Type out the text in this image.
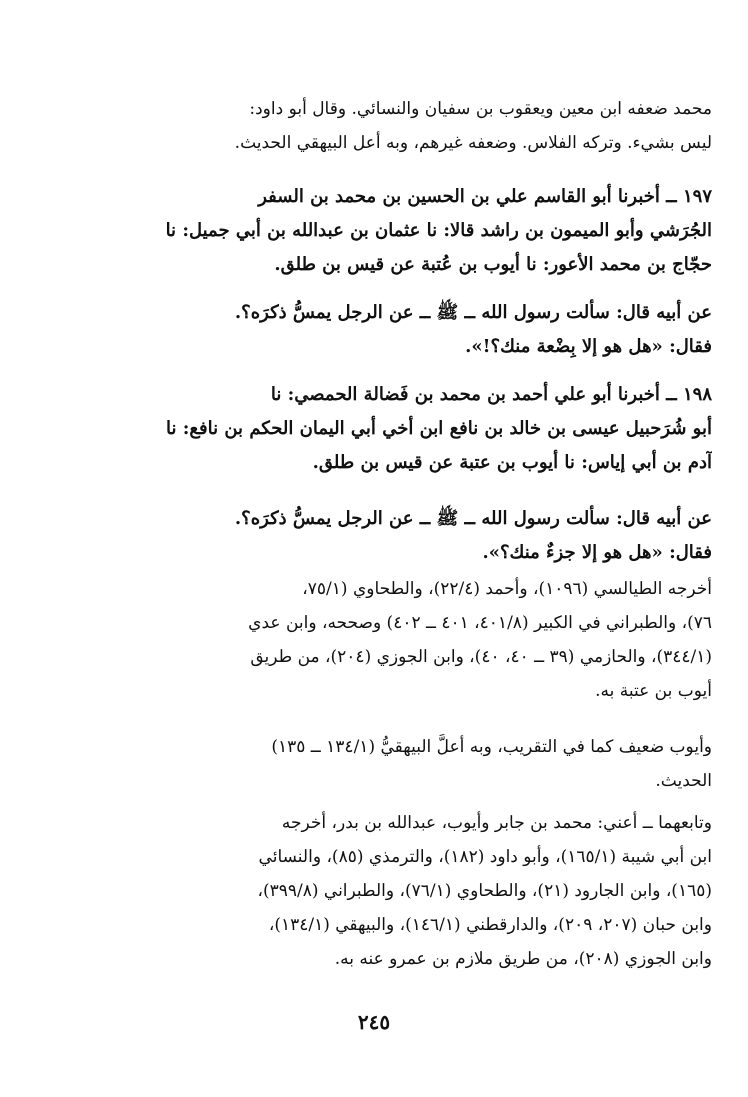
محمد ضعفه ابن معين ويعقوب بن سفيان والنسائي. وقال أبو داود:
ليس بشيء. وتركه الفلاس. وضعفه غيرهم، وبه أعل البيهقي الحديث.
١٩٧ ــ أخبرنا أبو القاسم علي بن الحسين بن محمد بن السفر
الجُرَشي وأبو الميمون بن راشد قالا: نا عثمان بن عبدالله بن أبي جميل: نا
حجّاج بن محمد الأعور: نا أيوب بن عُتبة عن قيس بن طلق.
عن أبيه قال: سألت رسول الله ــ ﷺ ــ عن الرجل يمسُّ ذكرَه؟.
فقال: «هل هو إلا بِضْعة منك؟!».
١٩٨ ــ أخبرنا أبو علي أحمد بن محمد بن فَضالة الحمصي: نا
أبو شُرَحبيل عيسى بن خالد بن نافع ابن أخي أبي اليمان الحكم بن نافع: نا
آدم بن أبي إياس: نا أيوب بن عتبة عن قيس بن طلق.
عن أبيه قال: سألت رسول الله ــ ﷺ ــ عن الرجل يمسُّ ذكرَه؟.
فقال: «هل هو إلا جزءٌ منك؟».
أخرجه الطيالسي (١٠٩٦)، وأحمد (٢٢/٤)، والطحاوي (٧٥/١،
٧٦)، والطبراني في الكبير (٤٠١/٨، ٤٠١ ــ ٤٠٢) وصححه، وابن عدي
(٣٤٤/١)، والحازمي (٣٩ ــ ٤٠، ٤٠)، وابن الجوزي (٢٠٤)، من طريق
أيوب بن عتبة به.
وأيوب ضعيف كما في التقريب، وبه أعلَّ البيهقيُّ (١٣٤/١ ــ ١٣٥)
الحديث.
وتابعهما ــ أعني: محمد بن جابر وأيوب، عبدالله بن بدر، أخرجه
ابن أبي شيبة (١٦٥/١)، وأبو داود (١٨٢)، والترمذي (٨٥)، والنسائي
(١٦٥)، وابن الجارود (٢١)، والطحاوي (٧٦/١)، والطبراني (٣٩٩/٨)،
وابن حبان (٢٠٧، ٢٠٩)، والدارقطني (١٤٦/١)، والبيهقي (١٣٤/١)،
وابن الجوزي (٢٠٨)، من طريق ملازم بن عمرو عنه به.
٢٤٥
